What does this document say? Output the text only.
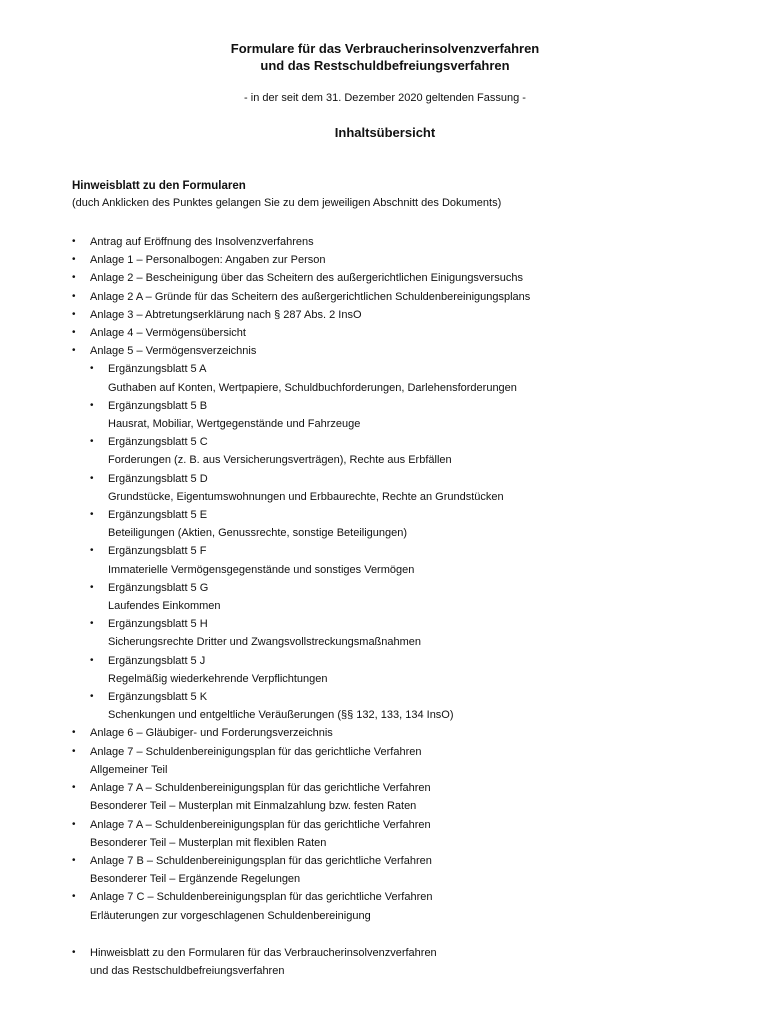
Formulare für das Verbraucherinsolvenzverfahren
und das Restschuldbefreiungsverfahren
- in der seit dem 31. Dezember 2020 geltenden Fassung -
Inhaltsübersicht
Hinweisblatt zu den Formularen
(duch Anklicken des Punktes gelangen Sie zu dem jeweiligen Abschnitt des Dokuments)
•	Antrag auf Eröffnung des Insolvenzverfahrens
•	Anlage 1 – Personalbogen: Angaben zur Person
•	Anlage 2 – Bescheinigung über das Scheitern des außergerichtlichen Einigungsversuchs
•	Anlage 2 A – Gründe für das Scheitern des außergerichtlichen Schuldenbereinigungsplans
•	Anlage 3 – Abtretungserklärung nach § 287 Abs. 2 InsO
•	Anlage 4 – Vermögensübersicht
•	Anlage 5 – Vermögensverzeichnis
•	Ergänzungsblatt 5 A
Guthaben auf Konten, Wertpapiere, Schuldbuchforderungen, Darlehensforderungen
•	Ergänzungsblatt 5 B
Hausrat, Mobiliar, Wertgegenstände und Fahrzeuge
•	Ergänzungsblatt 5 C
Forderungen (z. B. aus Versicherungsverträgen), Rechte aus Erbfällen
•	Ergänzungsblatt 5 D
Grundstücke, Eigentumswohnungen und Erbbaurechte, Rechte an Grundstücken
•	Ergänzungsblatt 5 E
Beteiligungen (Aktien, Genussrechte, sonstige Beteiligungen)
•	Ergänzungsblatt 5 F
Immaterielle Vermögensgegenstände und sonstiges Vermögen
•	Ergänzungsblatt 5 G
Laufendes Einkommen
•	Ergänzungsblatt 5 H
Sicherungsrechte Dritter und Zwangsvollstreckungsmaßnahmen
•	Ergänzungsblatt 5 J
Regelmäßig wiederkehrende Verpflichtungen
•	Ergänzungsblatt 5 K
Schenkungen und entgeltliche Veräußerungen (§§ 132, 133, 134 InsO)
•	Anlage 6 – Gläubiger- und Forderungsverzeichnis
•	Anlage 7 – Schuldenbereinigungsplan für das gerichtliche Verfahren
Allgemeiner Teil
•	Anlage 7 A – Schuldenbereinigungsplan für das gerichtliche Verfahren
Besonderer Teil – Musterplan mit Einmalzahlung bzw. festen Raten
•	Anlage 7 A – Schuldenbereinigungsplan für das gerichtliche Verfahren
Besonderer Teil – Musterplan mit flexiblen Raten
•	Anlage 7 B – Schuldenbereinigungsplan für das gerichtliche Verfahren
Besonderer Teil – Ergänzende Regelungen
•	Anlage 7 C – Schuldenbereinigungsplan für das gerichtliche Verfahren
Erläuterungen zur vorgeschlagenen Schuldenbereinigung
•	Hinweisblatt zu den Formularen für das Verbraucherinsolvenzverfahren
und das Restschuldbefreiungsverfahren
